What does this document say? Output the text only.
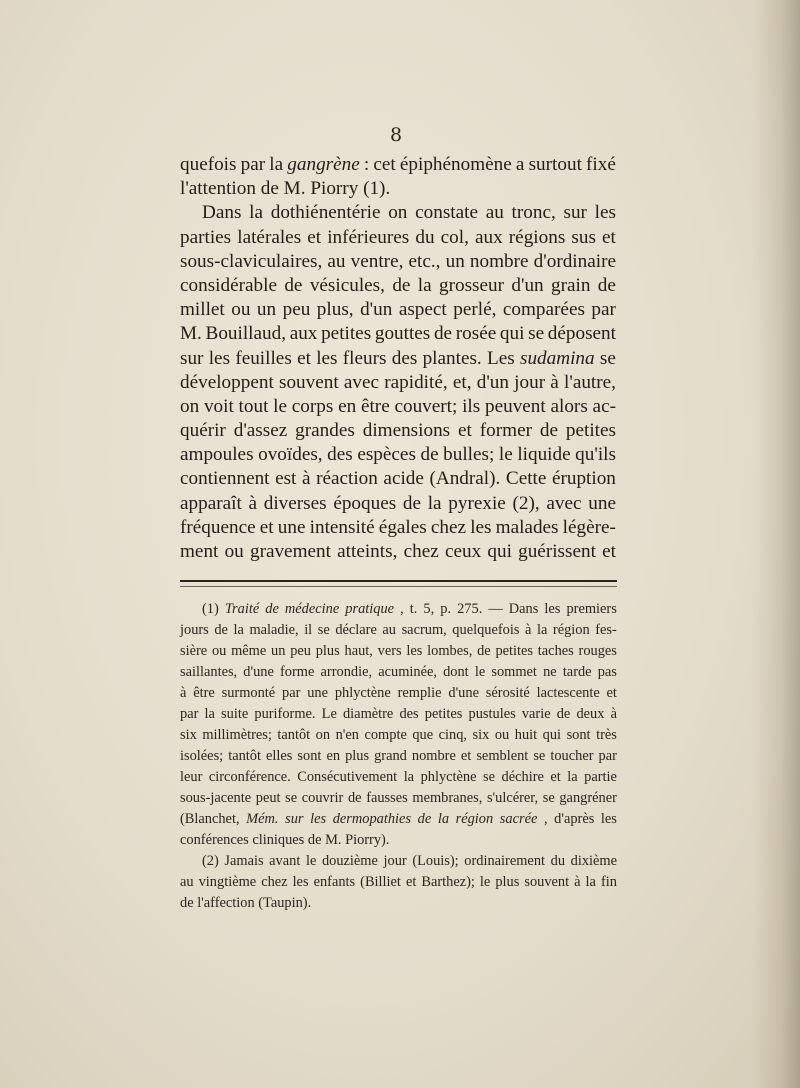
8
quefois par la gangrène : cet épiphénomène a surtout fixé
l'attention de M. Piorry (1).
Dans la dothiénentérie on constate au tronc, sur les
parties latérales et inférieures du col, aux régions sus et
sous-claviculaires, au ventre, etc., un nombre d'ordinaire
considérable de vésicules, de la grosseur d'un grain de
millet ou un peu plus, d'un aspect perlé, comparées par
M. Bouillaud, aux petites gouttes de rosée qui se déposent
sur les feuilles et les fleurs des plantes. Les sudamina se
développent souvent avec rapidité, et, d'un jour à l'autre,
on voit tout le corps en être couvert; ils peuvent alors ac-
quérir d'assez grandes dimensions et former de petites
ampoules ovoïdes, des espèces de bulles; le liquide qu'ils
contiennent est à réaction acide (Andral). Cette éruption
apparaît à diverses époques de la pyrexie (2), avec une
fréquence et une intensité égales chez les malades légère-
ment ou gravement atteints, chez ceux qui guérissent et
(1) Traité de médecine pratique , t. 5, p. 275. — Dans les premiers
jours de la maladie, il se déclare au sacrum, quelquefois à la région fes-
sière ou même un peu plus haut, vers les lombes, de petites taches rouges
saillantes, d'une forme arrondie, acuminée, dont le sommet ne tarde pas
à être surmonté par une phlyctène remplie d'une sérosité lactescente et
par la suite puriforme. Le diamètre des petites pustules varie de deux à
six millimètres; tantôt on n'en compte que cinq, six ou huit qui sont très
isolées; tantôt elles sont en plus grand nombre et semblent se toucher par
leur circonférence. Consécutivement la phlyctène se déchire et la partie
sous-jacente peut se couvrir de fausses membranes, s'ulcérer, se gangréner
(Blanchet, Mém. sur les dermopathies de la région sacrée , d'après les
conférences cliniques de M. Piorry).
(2) Jamais avant le douzième jour (Louis); ordinairement du dixième
au vingtième chez les enfants (Billiet et Barthez); le plus souvent à la fin
de l'affection (Taupin).
